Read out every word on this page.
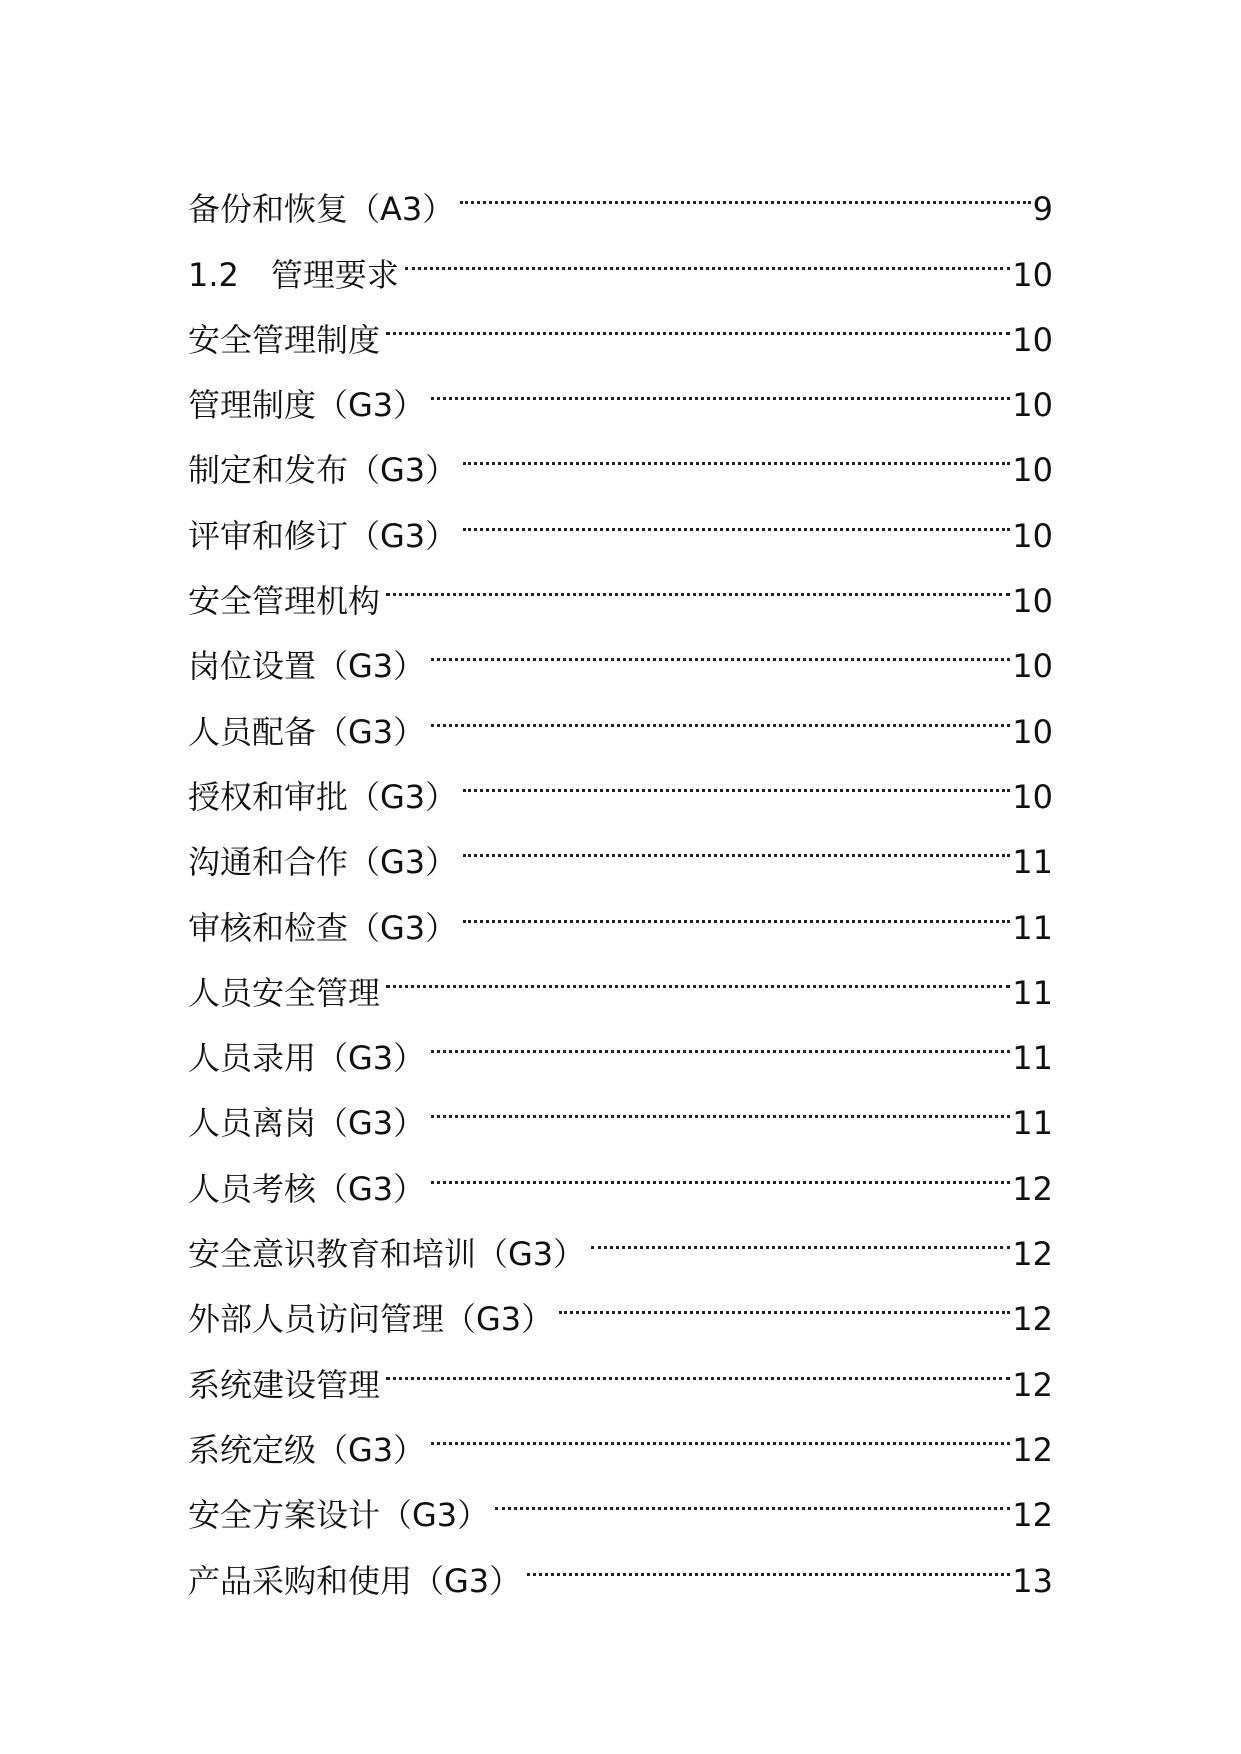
备份和恢复（A3）	9
1.2　管理要求	10
安全管理制度	10
管理制度（G3）	10
制定和发布（G3）	10
评审和修订（G3）	10
安全管理机构	10
岗位设置（G3）	10
人员配备（G3）	10
授权和审批（G3）	10
沟通和合作（G3）	11
审核和检查（G3）	11
人员安全管理	11
人员录用（G3）	11
人员离岗（G3）	11
人员考核（G3）	12
安全意识教育和培训（G3）	12
外部人员访问管理（G3）	12
系统建设管理	12
系统定级（G3）	12
安全方案设计（G3）	12
产品采购和使用（G3）	13
